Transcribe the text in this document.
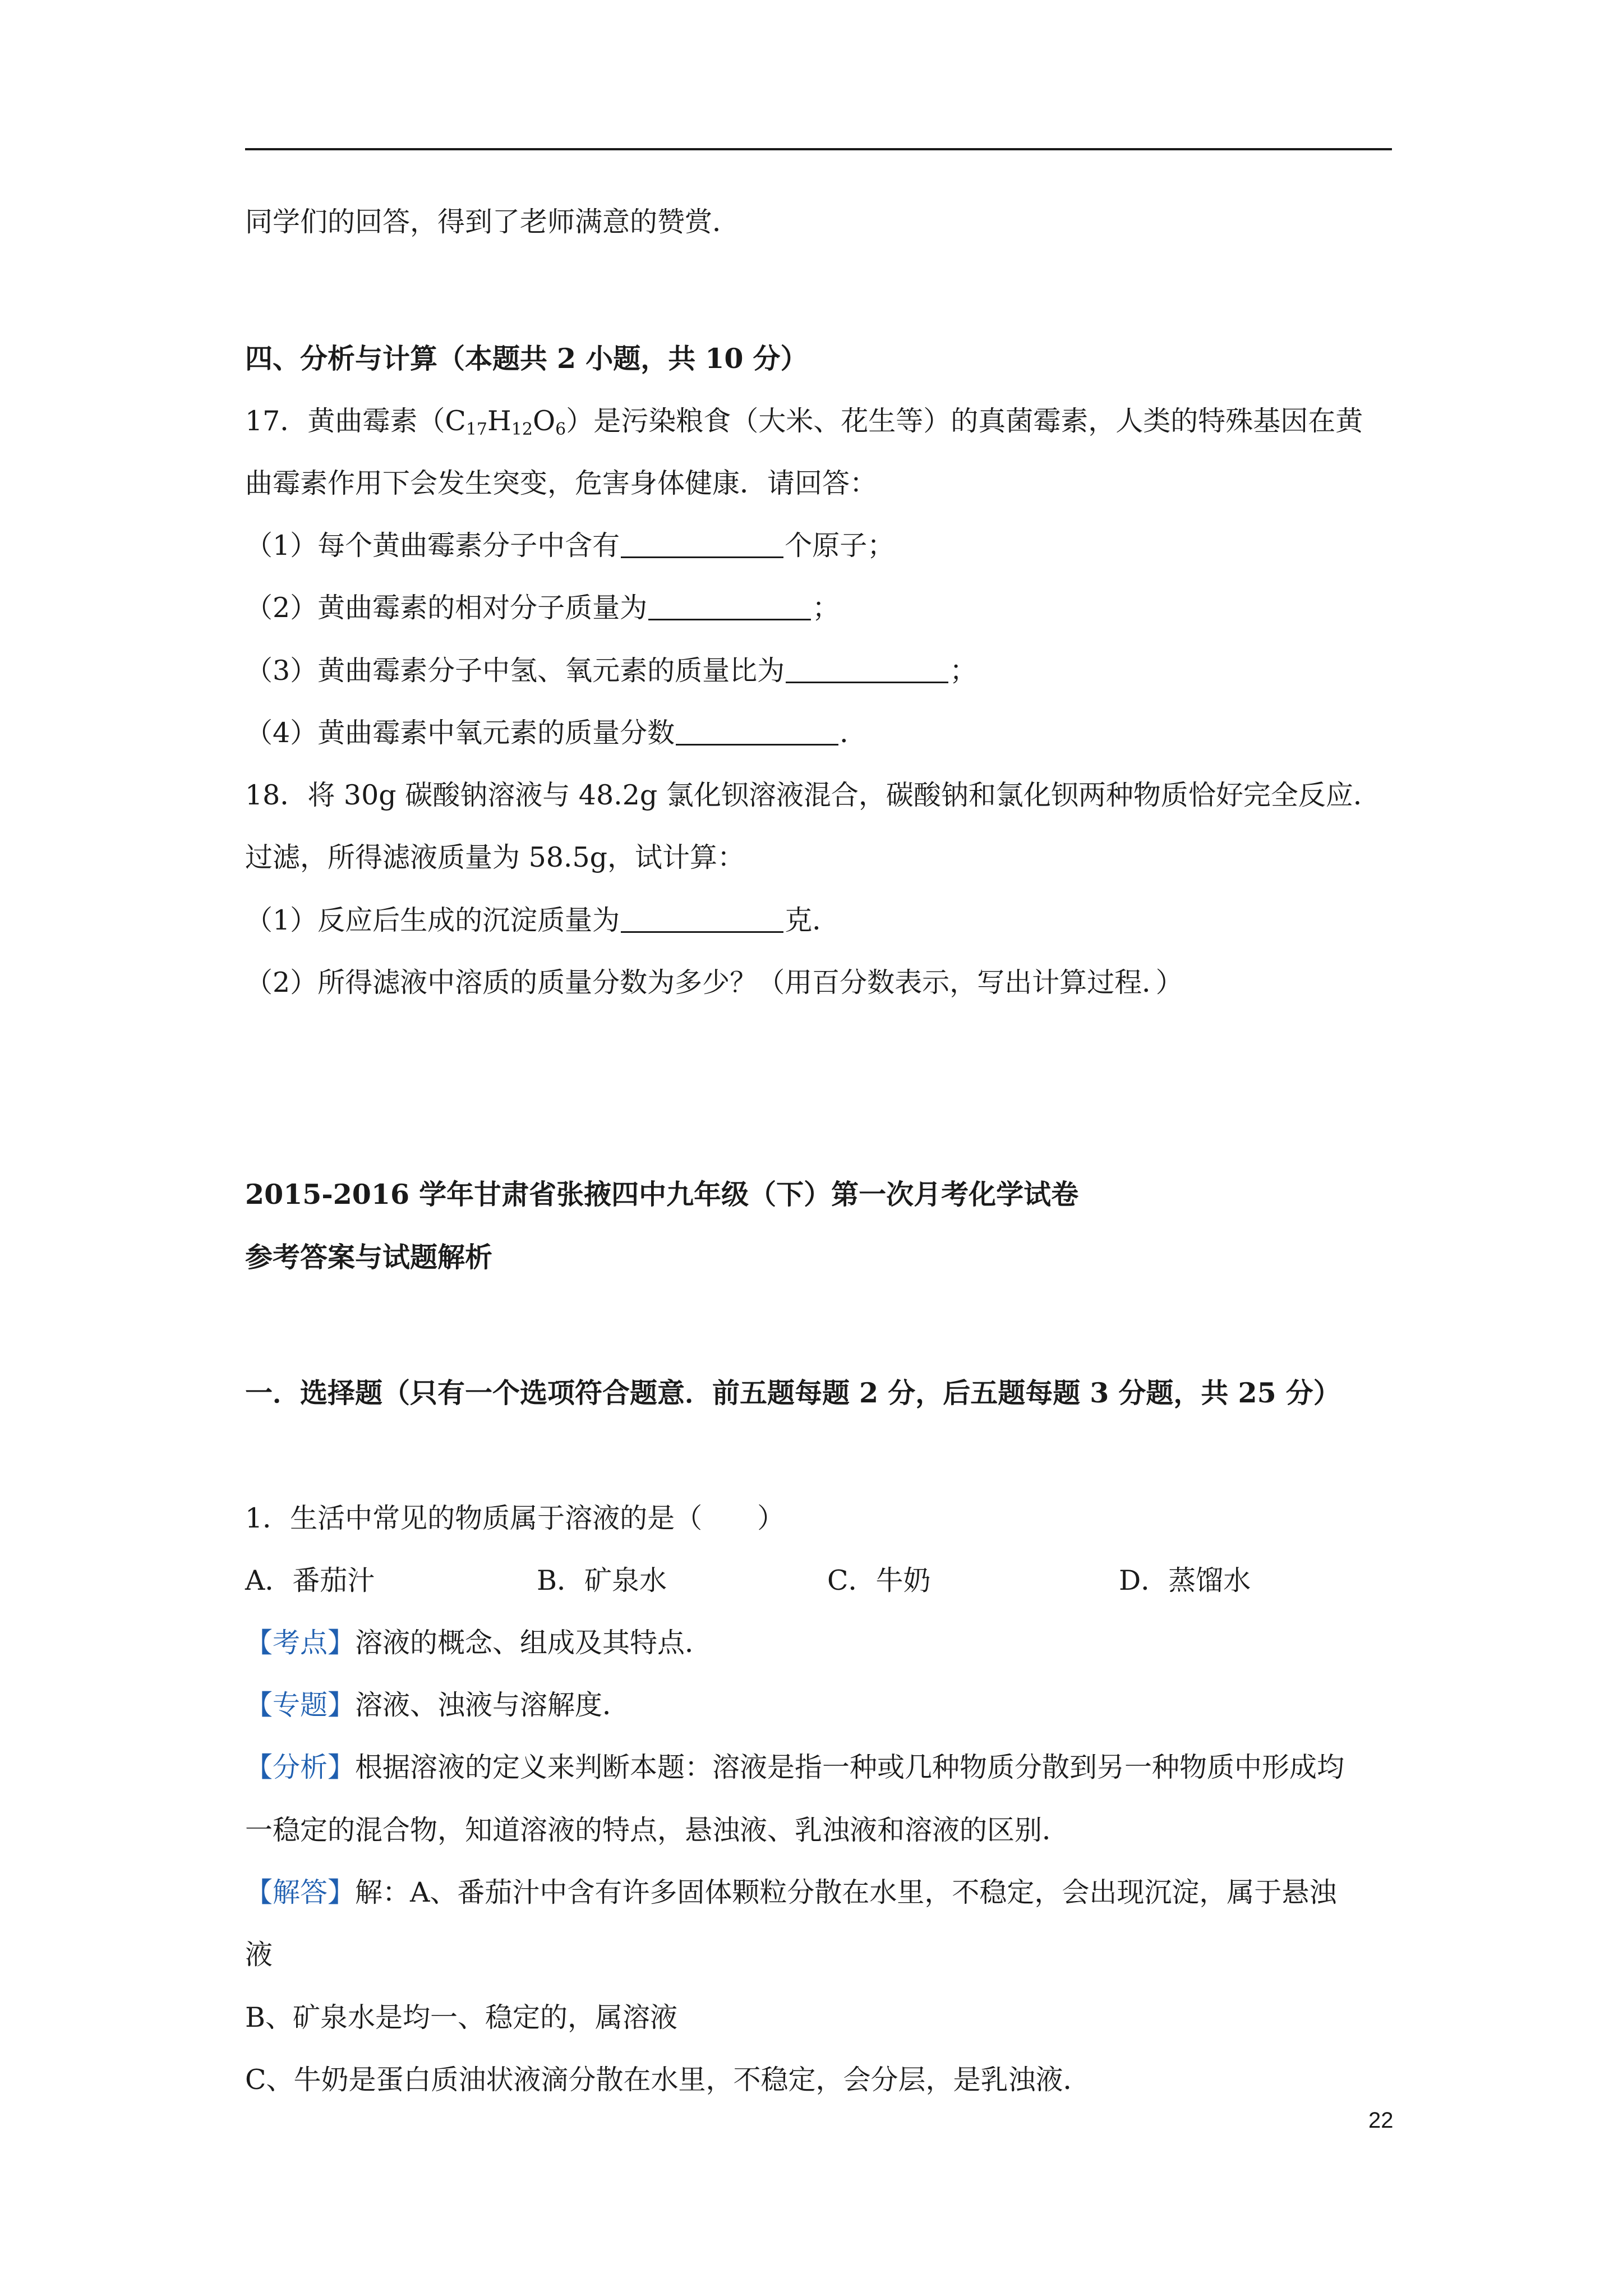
同学们的回答，得到了老师满意的赞赏．
四、分析与计算（本题共 2 小题，共 10 分）
17．黄曲霉素$(C_{17}H_{12}O_6)$是污染粮食（大米、花生等）的真菌霉素，人类的特殊基因在黄
曲霉素作用下会发生突变，危害身体健康．请回答：
（1）每个黄曲霉素分子中含有	个原子；
（2）黄曲霉素的相对分子质量为	；
（3）黄曲霉素分子中氢、氧元素的质量比为	；
（4）黄曲霉素中氧元素的质量分数	．
18．将 30g 碳酸钠溶液与 48.2g 氯化钡溶液混合，碳酸钠和氯化钡两种物质恰好完全反应．
过滤，所得滤液质量为 58.5g，试计算：
（1）反应后生成的沉淀质量为	克．
（2）所得滤液中溶质的质量分数为多少？（用百分数表示，写出计算过程．）
2015-2016 学年甘肃省张掖四中九年级（下）第一次月考化学试卷
参考答案与试题解析
一．选择题（只有一个选项符合题意．前五题每题 2 分，后五题每题 3 分题，共 25 分）
1．生活中常见的物质属于溶液的是（　　）
A．番茄汁	B．矿泉水	C．牛奶	D．蒸馏水
【考点】溶液的概念、组成及其特点．
【专题】溶液、浊液与溶解度．
【分析】根据溶液的定义来判断本题：溶液是指一种或几种物质分散到另一种物质中形成均
一稳定的混合物，知道溶液的特点，悬浊液、乳浊液和溶液的区别．
【解答】解：A、番茄汁中含有许多固体颗粒分散在水里，不稳定，会出现沉淀，属于悬浊
液
B、矿泉水是均一、稳定的，属溶液
C、牛奶是蛋白质油状液滴分散在水里，不稳定，会分层，是乳浊液．
22
